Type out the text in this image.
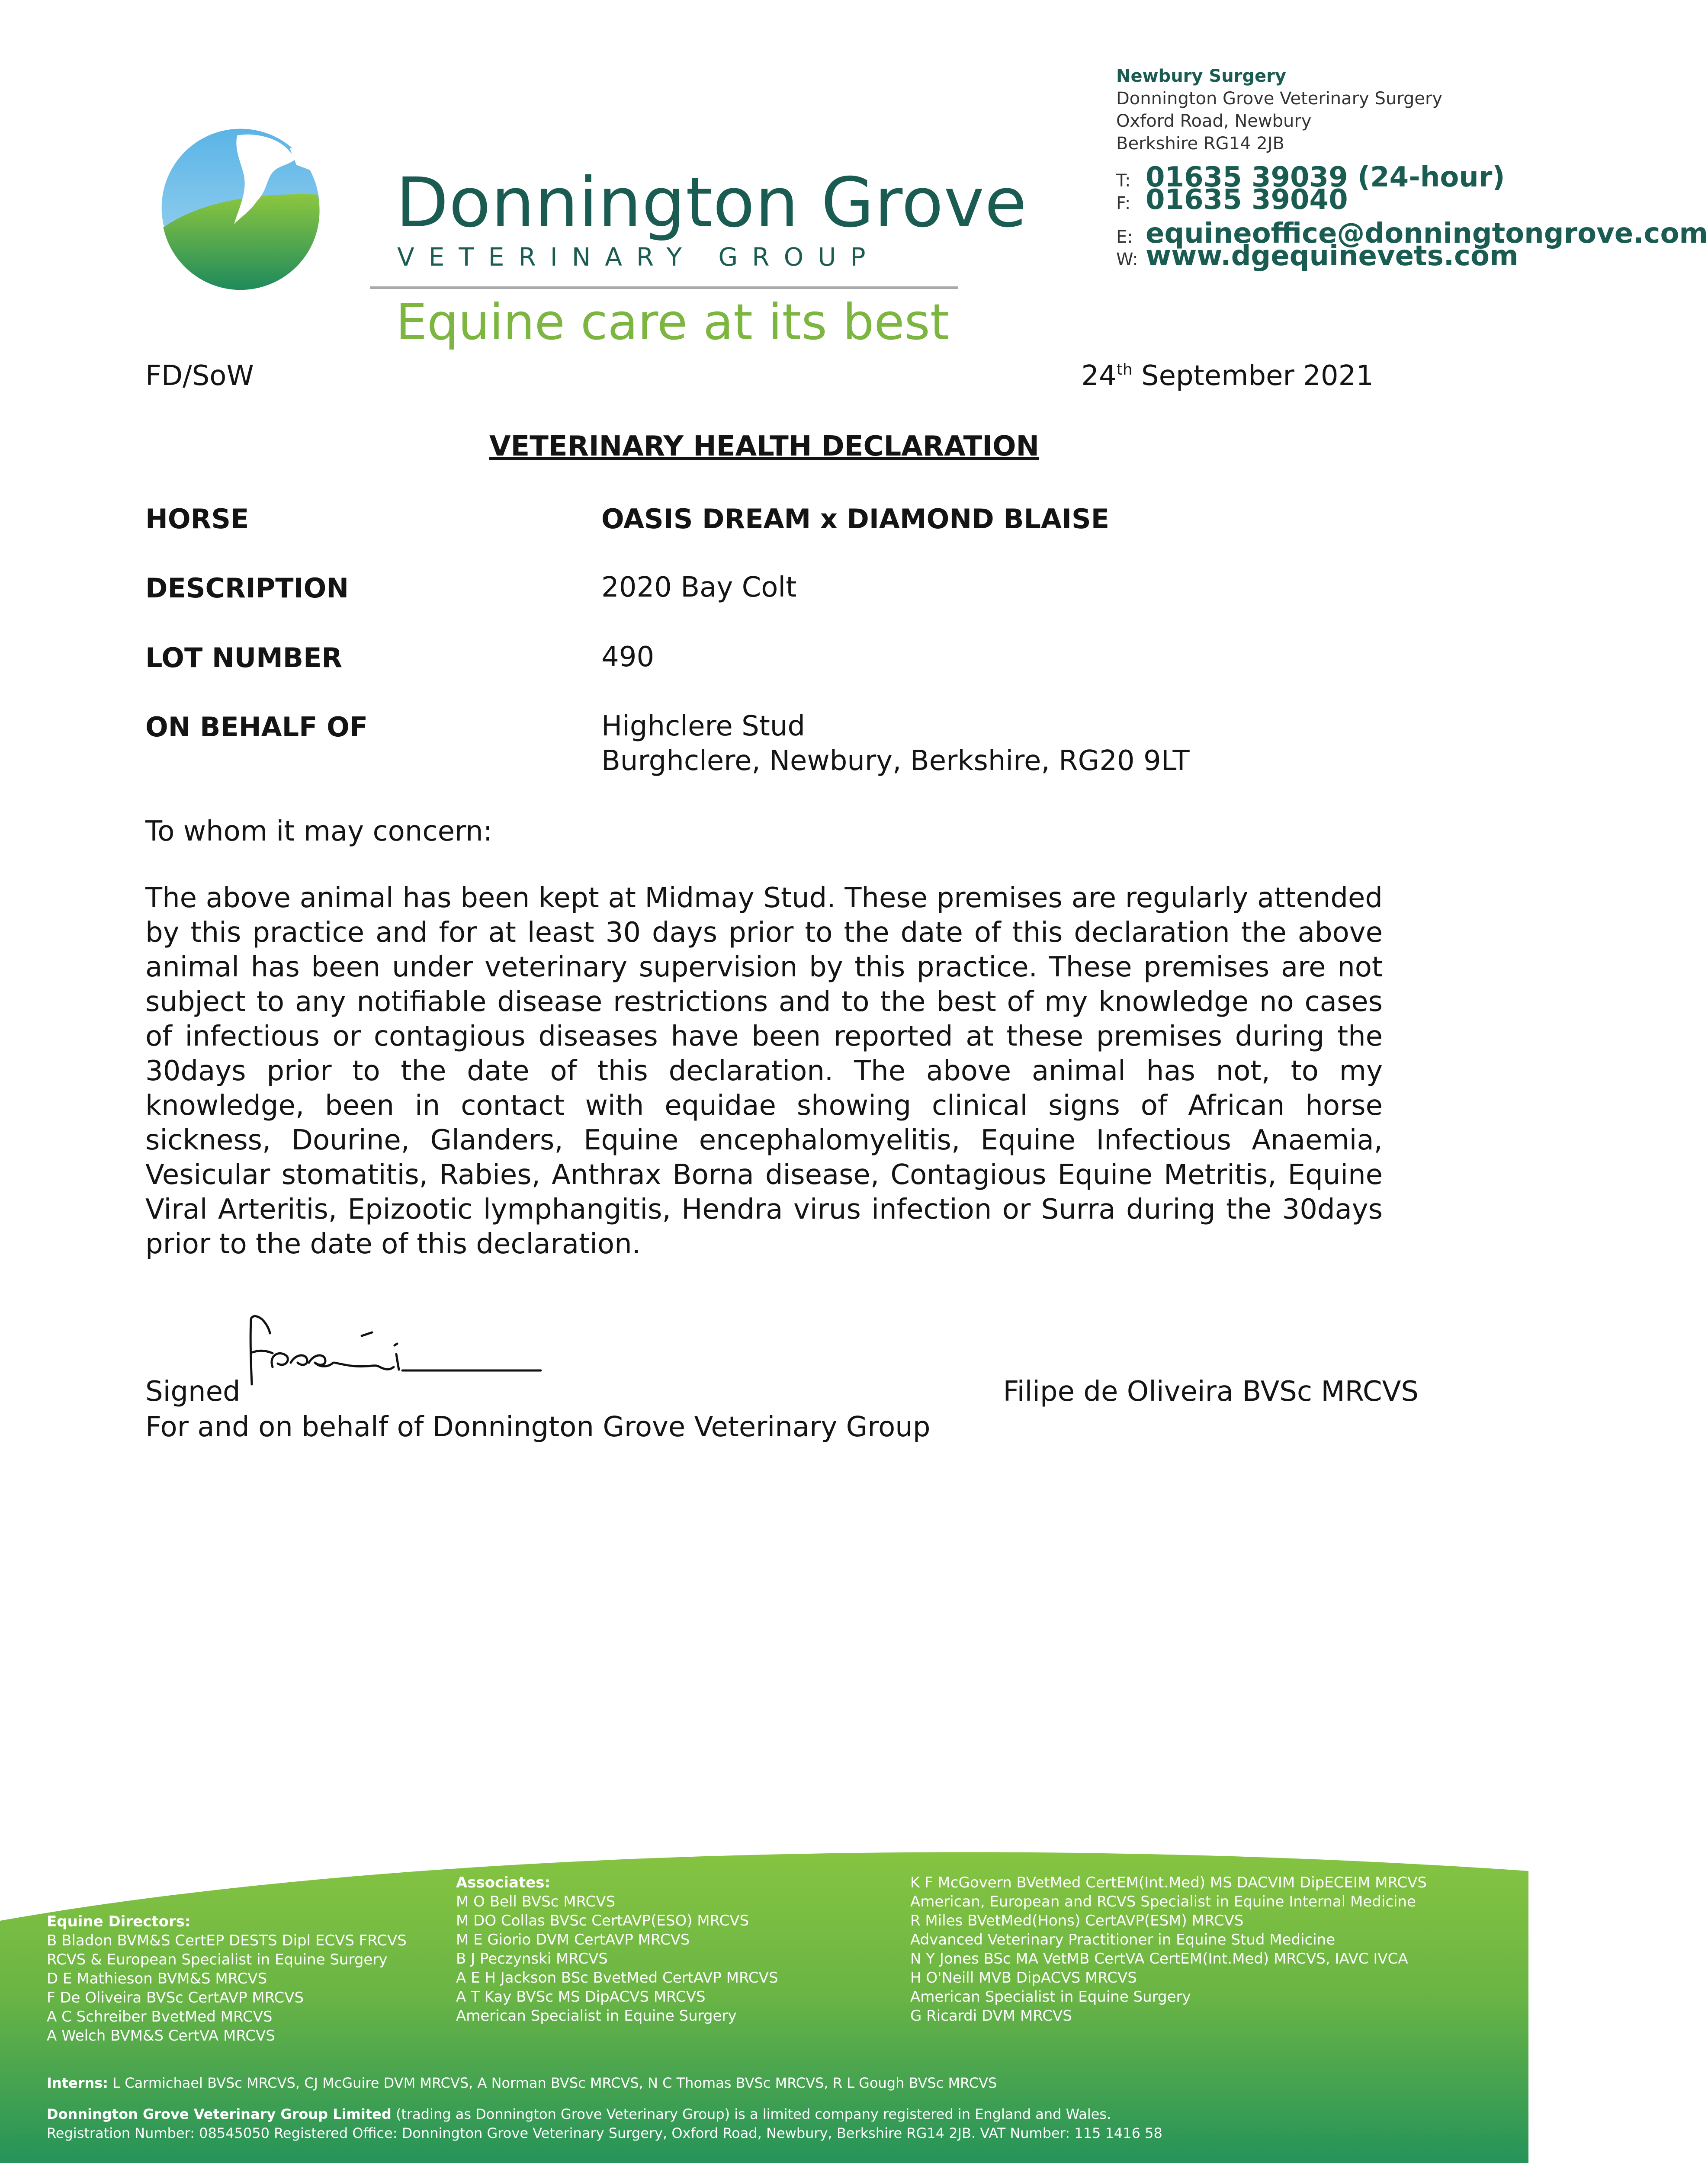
Donnington Grove
VETERINARY GROUP
Equine care at its best
Newbury Surgery
Donnington Grove Veterinary Surgery
Oxford Road, Newbury
Berkshire RG14 2JB
T: 01635 39039 (24-hour)
F: 01635 39040
E: equineoffice@donningtongrove.com
W: www.dgequinevets.com
FD/SoW	24th September 2021
VETERINARY HEALTH DECLARATION
HORSE	OASIS DREAM x DIAMOND BLAISE
DESCRIPTION	2020 Bay Colt
LOT NUMBER	490
ON BEHALF OF	Highclere Stud
Burghclere, Newbury, Berkshire, RG20 9LT
To whom it may concern:
The above animal has been kept at Midmay Stud. These premises are regularly attended by this practice and for at least 30 days prior to the date of this declaration the above animal has been under veterinary supervision by this practice. These premises are not subject to any notifiable disease restrictions and to the best of my knowledge no cases of infectious or contagious diseases have been reported at these premises during the 30days prior to the date of this declaration. The above animal has not, to my knowledge, been in contact with equidae showing clinical signs of African horse sickness, Dourine, Glanders, Equine encephalomyelitis, Equine Infectious Anaemia, Vesicular stomatitis, Rabies, Anthrax Borna disease, Contagious Equine Metritis, Equine Viral Arteritis, Epizootic lymphangitis, Hendra virus infection or Surra during the 30days prior to the date of this declaration.
Signed	Filipe de Oliveira BVSc MRCVS
For and on behalf of Donnington Grove Veterinary Group
Equine Directors:
B Bladon BVM&S CertEP DESTS Dipl ECVS FRCVS
RCVS & European Specialist in Equine Surgery
D E Mathieson BVM&S MRCVS
F De Oliveira BVSc CertAVP MRCVS
A C Schreiber BvetMed MRCVS
A Welch BVM&S CertVA MRCVS
Associates:
M O Bell BVSc MRCVS
M DO Collas BVSc CertAVP(ESO) MRCVS
M E Giorio DVM CertAVP MRCVS
B J Peczynski MRCVS
A E H Jackson BSc BvetMed CertAVP MRCVS
A T Kay BVSc MS DipACVS MRCVS
American Specialist in Equine Surgery
K F McGovern BVetMed CertEM(Int.Med) MS DACVIM DipECEIM MRCVS
American, European and RCVS Specialist in Equine Internal Medicine
R Miles BVetMed(Hons) CertAVP(ESM) MRCVS
Advanced Veterinary Practitioner in Equine Stud Medicine
N Y Jones BSc MA VetMB CertVA CertEM(Int.Med) MRCVS, IAVC IVCA
H O'Neill MVB DipACVS MRCVS
American Specialist in Equine Surgery
G Ricardi DVM MRCVS
Interns: L Carmichael BVSc MRCVS, CJ McGuire DVM MRCVS, A Norman BVSc MRCVS, N C Thomas BVSc MRCVS, R L Gough BVSc MRCVS
Donnington Grove Veterinary Group Limited (trading as Donnington Grove Veterinary Group) is a limited company registered in England and Wales.
Registration Number: 08545050 Registered Office: Donnington Grove Veterinary Surgery, Oxford Road, Newbury, Berkshire RG14 2JB. VAT Number: 115 1416 58
